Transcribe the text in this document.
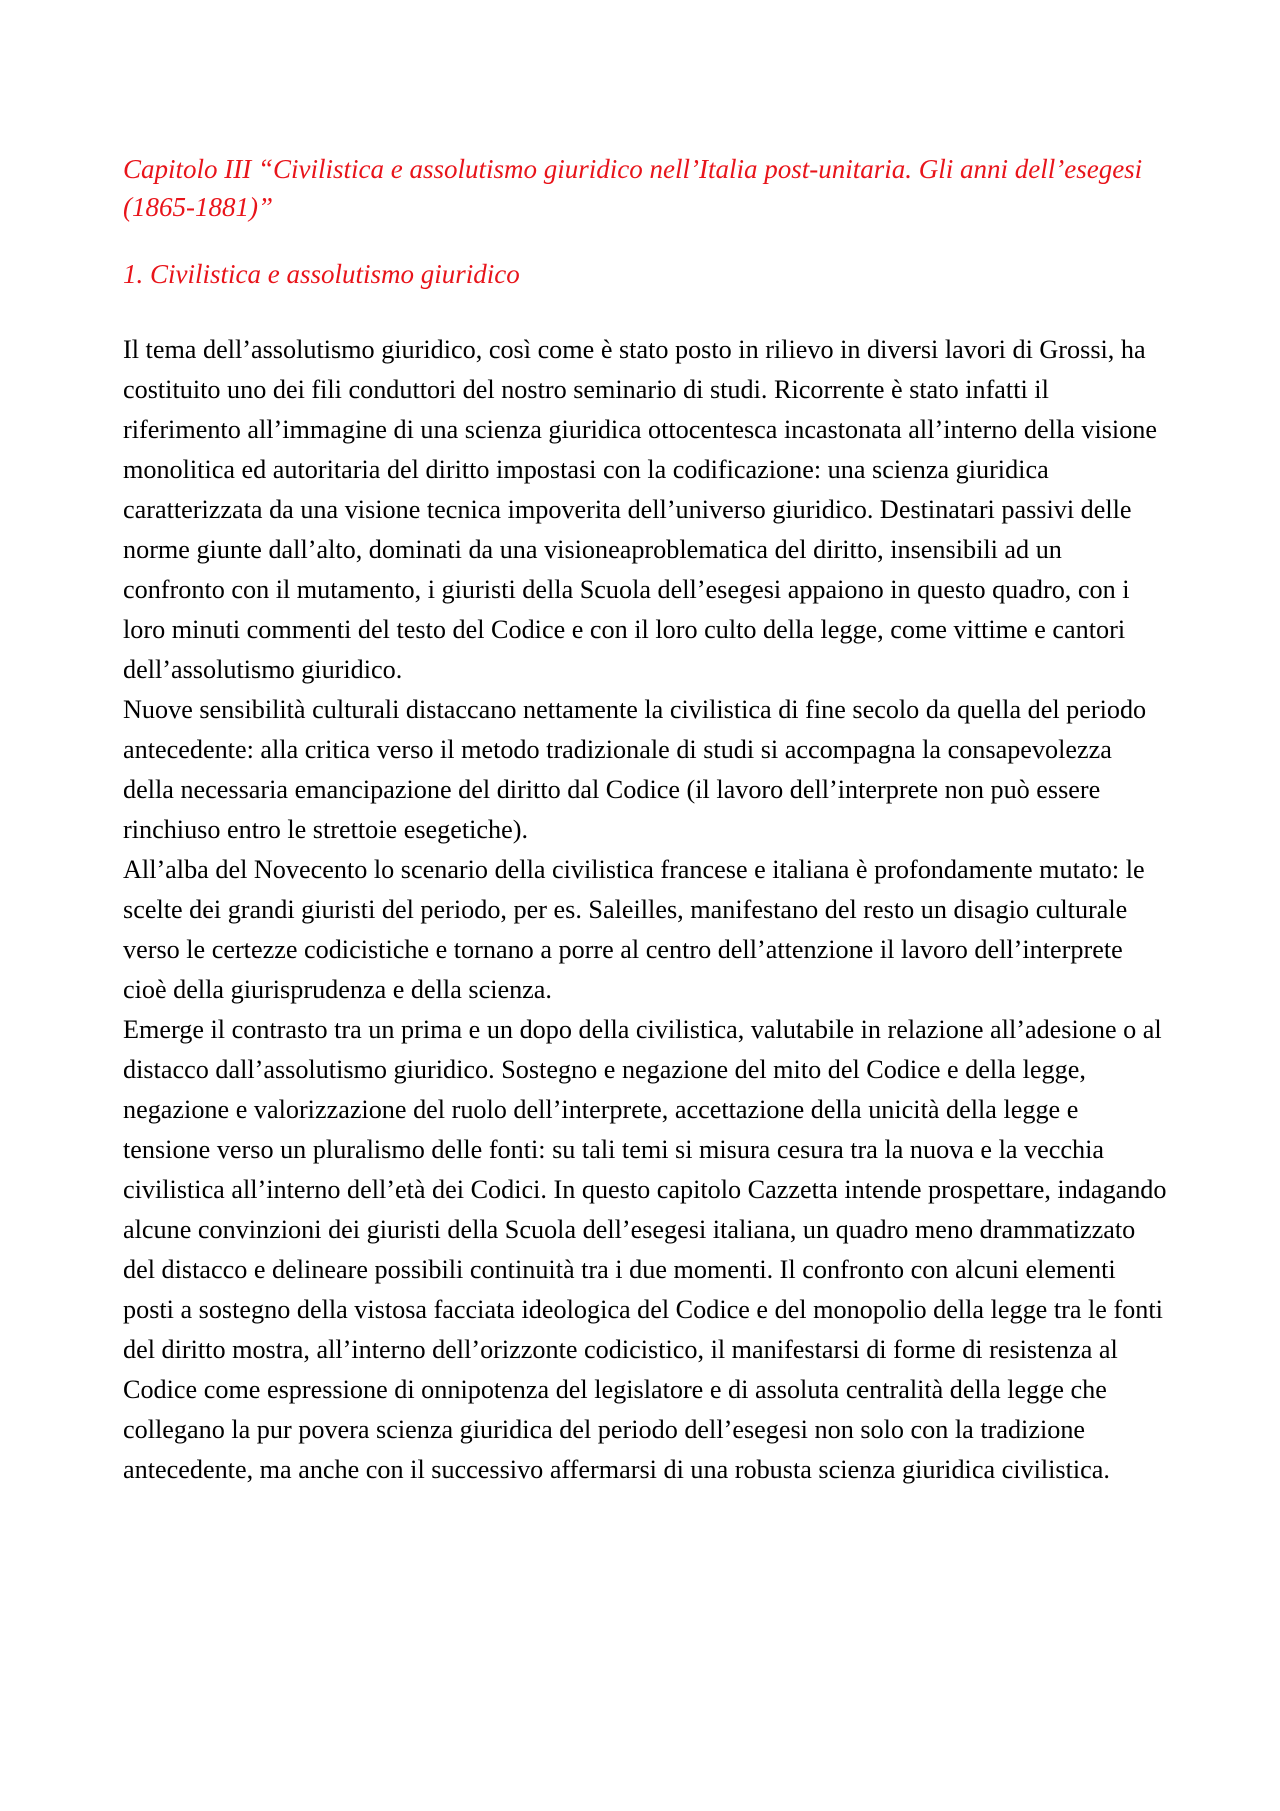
Capitolo III “Civilistica e assolutismo giuridico nell’Italia post-unitaria. Gli anni dell’esegesi (1865-1881)”
1. Civilistica e assolutismo giuridico

Il tema dell’assolutismo giuridico, così come è stato posto in rilievo in diversi lavori di Grossi, ha costituito uno dei fili conduttori del nostro seminario di studi. Ricorrente è stato infatti il riferimento all’immagine di una scienza giuridica ottocentesca incastonata all’interno della visione monolitica ed autoritaria del diritto impostasi con la codificazione: una scienza giuridica caratterizzata da una visione tecnica impoverita dell’universo giuridico. Destinatari passivi delle norme giunte dall’alto, dominati da una visioneaproblematica del diritto, insensibili ad un confronto con il mutamento, i giuristi della Scuola dell’esegesi appaiono in questo quadro, con i loro minuti commenti del testo del Codice e con il loro culto della legge, come vittime e cantori dell’assolutismo giuridico.

Nuove sensibilità culturali distaccano nettamente la civilistica di fine secolo da quella del periodo antecedente: alla critica verso il metodo tradizionale di studi si accompagna la consapevolezza della necessaria emancipazione del diritto dal Codice (il lavoro dell’interprete non può essere rinchiuso entro le strettoie esegetiche).

All’alba del Novecento lo scenario della civilistica francese e italiana è profondamente mutato: le scelte dei grandi giuristi del periodo, per es. Saleilles, manifestano del resto un disagio culturale verso le certezze codicistiche e tornano a porre al centro dell’attenzione il lavoro dell’interprete cioè della giurisprudenza e della scienza.

Emerge il contrasto tra un prima e un dopo della civilistica, valutabile in relazione all’adesione o al distacco dall’assolutismo giuridico. Sostegno e negazione del mito del Codice e della legge, negazione e valorizzazione del ruolo dell’interprete, accettazione della unicità della legge e tensione verso un pluralismo delle fonti: su tali temi si misura cesura tra la nuova e la vecchia civilistica all’interno dell’età dei Codici. In questo capitolo Cazzetta intende prospettare, indagando alcune convinzioni dei giuristi della Scuola dell’esegesi italiana, un quadro meno drammatizzato del distacco e delineare possibili continuità tra i due momenti. Il confronto con alcuni elementi posti a sostegno della vistosa facciata ideologica del Codice e del monopolio della legge tra le fonti del diritto mostra, all’interno dell’orizzonte codicistico, il manifestarsi di forme di resistenza al Codice come espressione di onnipotenza del legislatore e di assoluta centralità della legge che collegano la pur povera scienza giuridica del periodo dell’esegesi non solo con la tradizione antecedente, ma anche con il successivo affermarsi di una robusta scienza giuridica civilistica.
